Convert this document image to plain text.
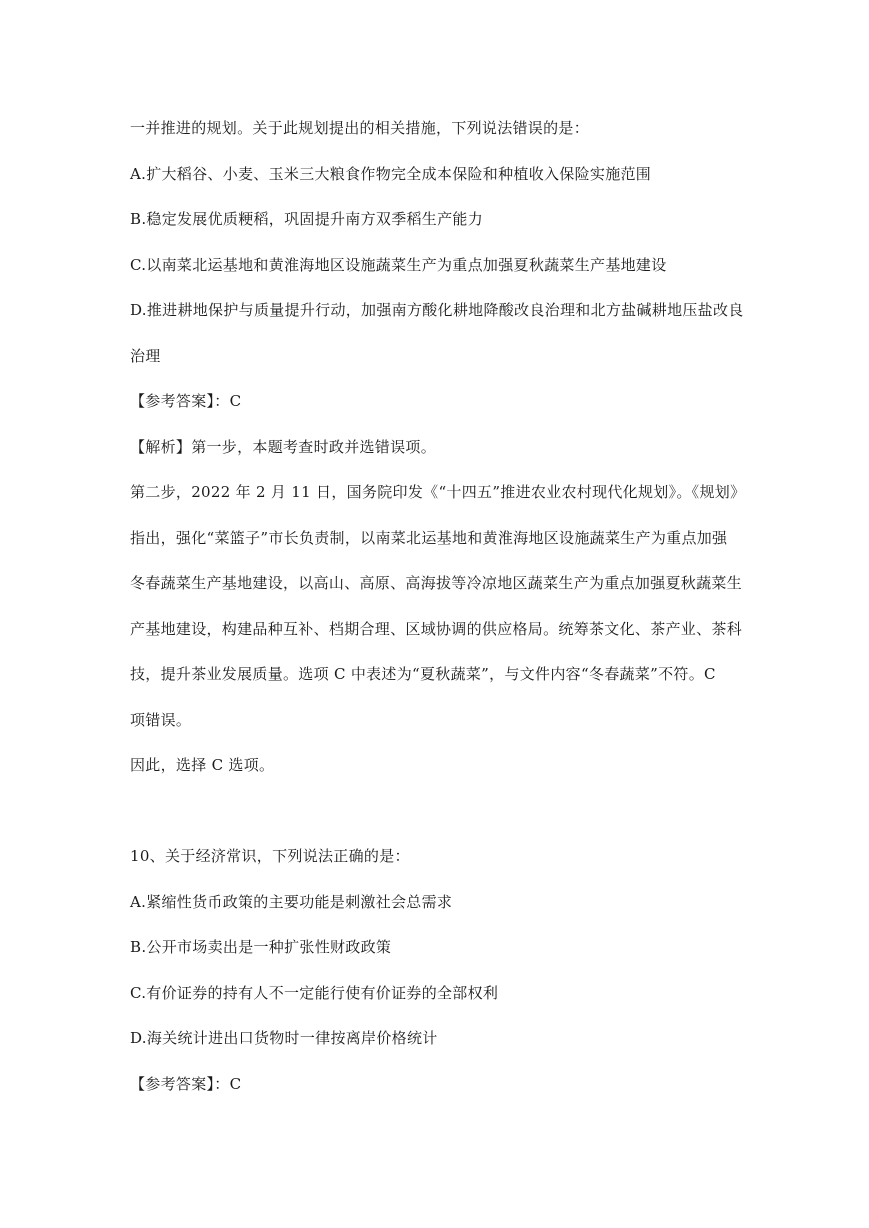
一并推进的规划。关于此规划提出的相关措施，下列说法错误的是：
A.扩大稻谷、小麦、玉米三大粮食作物完全成本保险和种植收入保险实施范围
B.稳定发展优质粳稻，巩固提升南方双季稻生产能力
C.以南菜北运基地和黄淮海地区设施蔬菜生产为重点加强夏秋蔬菜生产基地建设
D.推进耕地保护与质量提升行动，加强南方酸化耕地降酸改良治理和北方盐碱耕地压盐改良
治理
【参考答案】：C
【解析】第一步，本题考查时政并选错误项。
第二步，2022 年 2 月 11 日，国务院印发《“十四五”推进农业农村现代化规划》。《规划》
指出，强化“菜篮子”市长负责制，以南菜北运基地和黄淮海地区设施蔬菜生产为重点加强
冬春蔬菜生产基地建设，以高山、高原、高海拔等冷凉地区蔬菜生产为重点加强夏秋蔬菜生
产基地建设，构建品种互补、档期合理、区域协调的供应格局。统筹茶文化、茶产业、茶科
技，提升茶业发展质量。选项 C 中表述为“夏秋蔬菜”，与文件内容“冬春蔬菜”不符。C
项错误。
因此，选择 C 选项。
10、关于经济常识，下列说法正确的是：
A.紧缩性货币政策的主要功能是刺激社会总需求
B.公开市场卖出是一种扩张性财政政策
C.有价证券的持有人不一定能行使有价证券的全部权利
D.海关统计进出口货物时一律按离岸价格统计
【参考答案】：C
